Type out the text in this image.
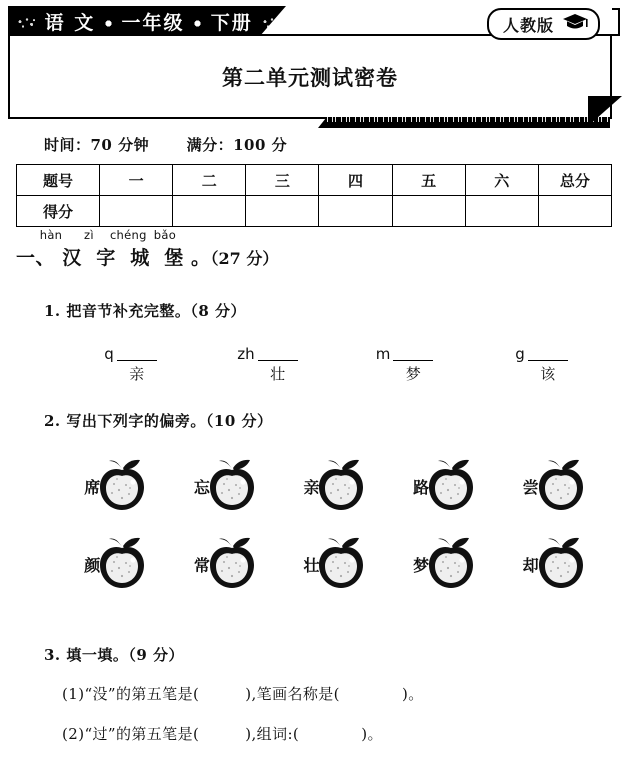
语 文 一年级 下册	人教版
第二单元测试密卷
时间：70 分钟 满分：100 分
题号	一	二	三	四	五	六	总分
得分							
hàn zì chéng bǎo
一、 汉 字 城 堡 。（27 分）
1. 把音节补充完整。（8 分）
q
亲
zh
壮
m
梦
g
该
2. 写出下列字的偏旁。（10 分）
席	忘	亲	路	尝
颜	常	壮	梦	却
3. 填一填。（9 分）
(1)“没”的第五笔是(	),笔画名称是(	)。
(2)“过”的第五笔是(	),组词:(	)。
